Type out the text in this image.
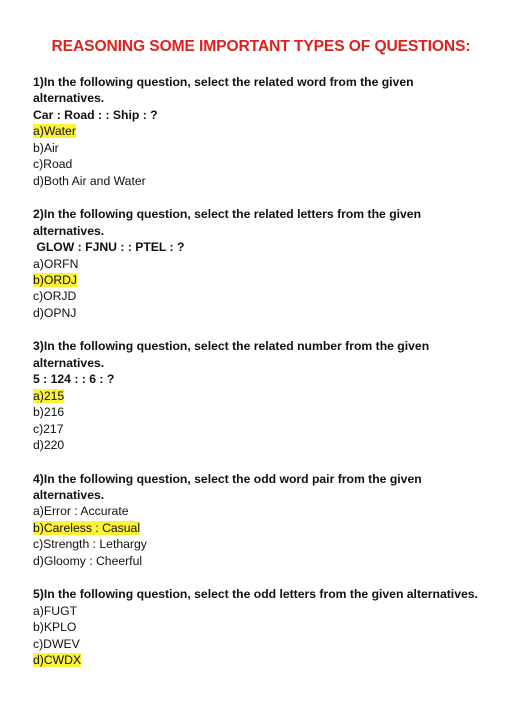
REASONING SOME IMPORTANT TYPES OF QUESTIONS:
1)In the following question, select the related word from the given alternatives.
Car : Road : : Ship : ?
a)Water
b)Air
c)Road
d)Both Air and Water
2)In the following question, select the related letters from the given alternatives.
GLOW : FJNU : : PTEL : ?
a)ORFN
b)ORDJ
c)ORJD
d)OPNJ
3)In the following question, select the related number from the given alternatives.
5 : 124 : : 6 : ?
a)215
b)216
c)217
d)220
4)In the following question, select the odd word pair from the given alternatives.
a)Error : Accurate
b)Careless : Casual
c)Strength : Lethargy
d)Gloomy : Cheerful
5)In the following question, select the odd letters from the given alternatives.
a)FUGT
b)KPLO
c)DWEV
d)CWDX
